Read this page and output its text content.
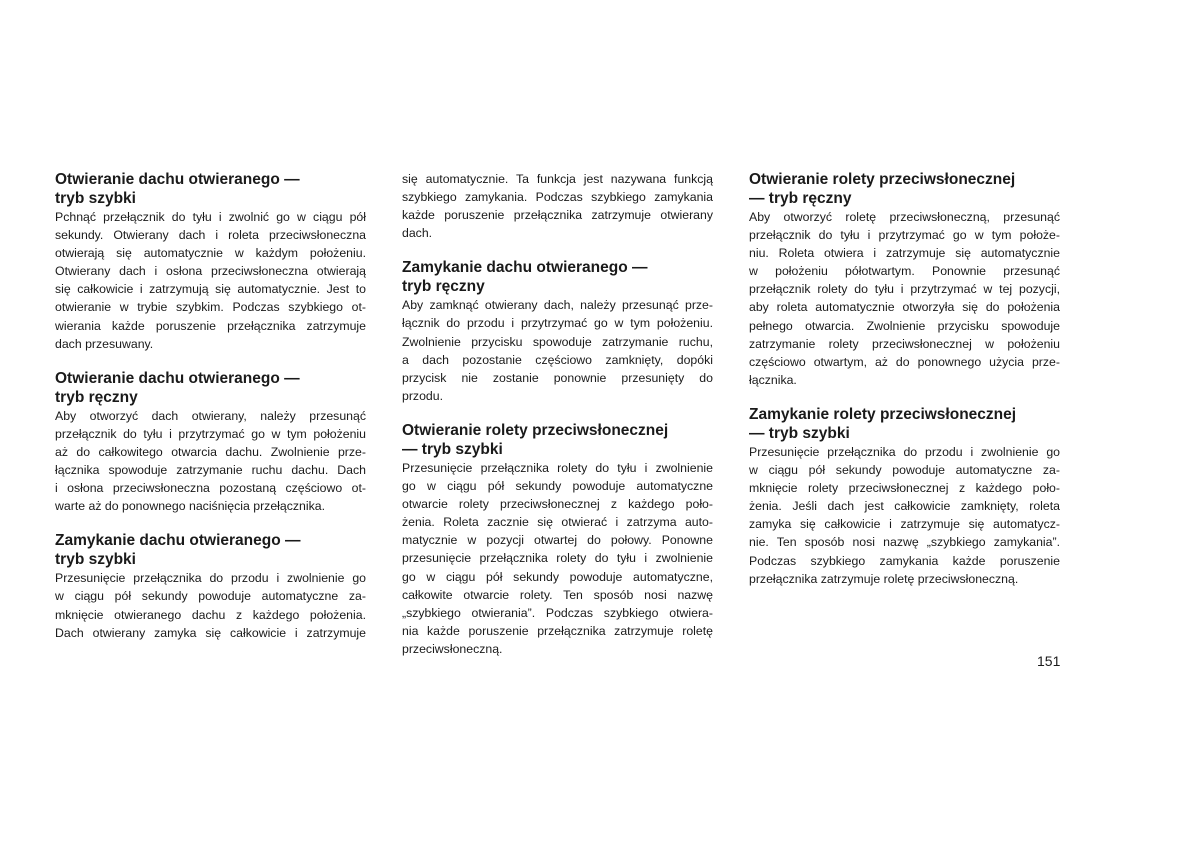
Otwieranie dachu otwieranego —
tryb szybki
Pchnąć przełącznik do tyłu i zwolnić go w ciągu pół
sekundy. Otwierany dach i roleta przeciwsłoneczna
otwierają się automatycznie w każdym położeniu.
Otwierany dach i osłona przeciwsłoneczna otwierają
się całkowicie i zatrzymują się automatycznie. Jest to
otwieranie w trybie szybkim. Podczas szybkiego ot-
wierania każde poruszenie przełącznika zatrzymuje
dach przesuwany.
Otwieranie dachu otwieranego —
tryb ręczny
Aby otworzyć dach otwierany, należy przesunąć
przełącznik do tyłu i przytrzymać go w tym położeniu
aż do całkowitego otwarcia dachu. Zwolnienie prze-
łącznika spowoduje zatrzymanie ruchu dachu. Dach
i osłona przeciwsłoneczna pozostaną częściowo ot-
warte aż do ponownego naciśnięcia przełącznika.
Zamykanie dachu otwieranego —
tryb szybki
Przesunięcie przełącznika do przodu i zwolnienie go
w ciągu pół sekundy powoduje automatyczne za-
mknięcie otwieranego dachu z każdego położenia.
Dach otwierany zamyka się całkowicie i zatrzymuje
się automatycznie. Ta funkcja jest nazywana funkcją
szybkiego zamykania. Podczas szybkiego zamykania
każde poruszenie przełącznika zatrzymuje otwierany
dach.
Zamykanie dachu otwieranego —
tryb ręczny
Aby zamknąć otwierany dach, należy przesunąć prze-
łącznik do przodu i przytrzymać go w tym położeniu.
Zwolnienie przycisku spowoduje zatrzymanie ruchu,
a dach pozostanie częściowo zamknięty, dopóki
przycisk nie zostanie ponownie przesunięty do
przodu.
Otwieranie rolety przeciwsłonecznej
— tryb szybki
Przesunięcie przełącznika rolety do tyłu i zwolnienie
go w ciągu pół sekundy powoduje automatyczne
otwarcie rolety przeciwsłonecznej z każdego poło-
żenia. Roleta zacznie się otwierać i zatrzyma auto-
matycznie w pozycji otwartej do połowy. Ponowne
przesunięcie przełącznika rolety do tyłu i zwolnienie
go w ciągu pół sekundy powoduje automatyczne,
całkowite otwarcie rolety. Ten sposób nosi nazwę
„szybkiego otwierania”. Podczas szybkiego otwiera-
nia każde poruszenie przełącznika zatrzymuje roletę
przeciwsłoneczną.
Otwieranie rolety przeciwsłonecznej
— tryb ręczny
Aby otworzyć roletę przeciwsłoneczną, przesunąć
przełącznik do tyłu i przytrzymać go w tym położe-
niu. Roleta otwiera i zatrzymuje się automatycznie
w położeniu półotwartym. Ponownie przesunąć
przełącznik rolety do tyłu i przytrzymać w tej pozycji,
aby roleta automatycznie otworzyła się do położenia
pełnego otwarcia. Zwolnienie przycisku spowoduje
zatrzymanie rolety przeciwsłonecznej w położeniu
częściowo otwartym, aż do ponownego użycia prze-
łącznika.
Zamykanie rolety przeciwsłonecznej
— tryb szybki
Przesunięcie przełącznika do przodu i zwolnienie go
w ciągu pół sekundy powoduje automatyczne za-
mknięcie rolety przeciwsłonecznej z każdego poło-
żenia. Jeśli dach jest całkowicie zamknięty, roleta
zamyka się całkowicie i zatrzymuje się automatycz-
nie. Ten sposób nosi nazwę „szybkiego zamykania”.
Podczas szybkiego zamykania każde poruszenie
przełącznika zatrzymuje roletę przeciwsłoneczną.
151
